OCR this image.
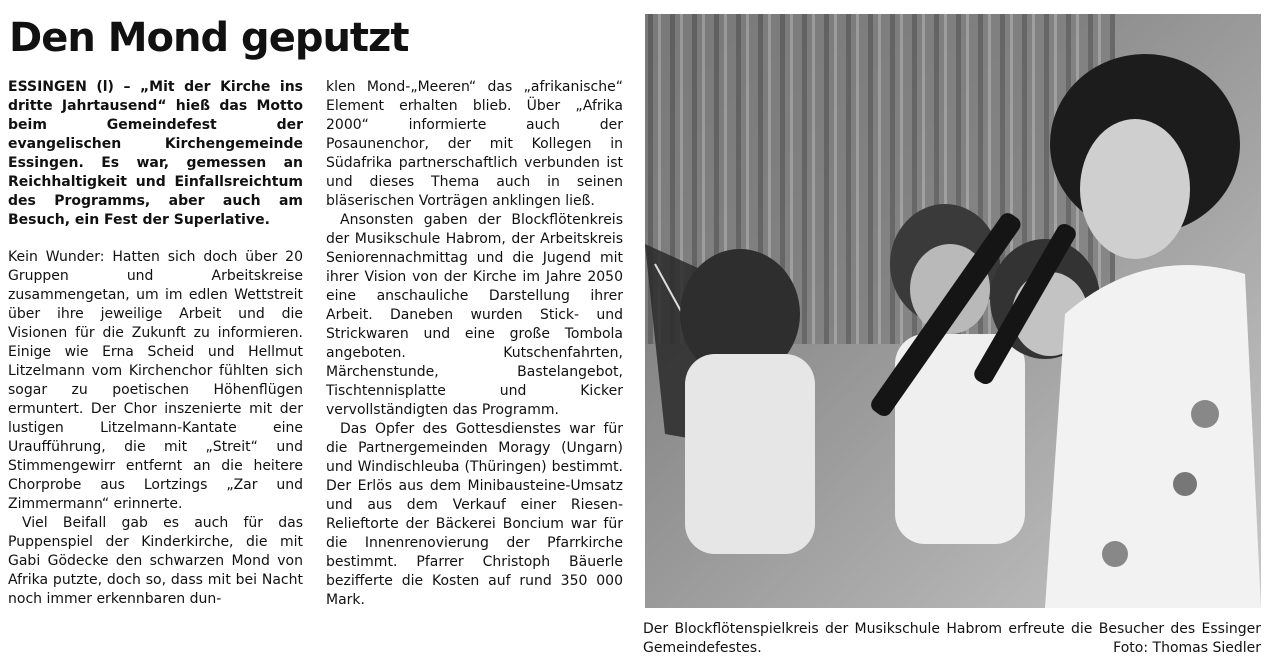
Den Mond geputzt

ESSINGEN (l) – „Mit der Kirche ins dritte Jahrtausend“ hieß das Motto beim Gemeindefest der evangelischen Kirchengemeinde Essingen. Es war, gemessen an Reichhaltigkeit und Einfallsreichtum des Programms, aber auch am Besuch, ein Fest der Superlative.

Kein Wunder: Hatten sich doch über 20 Gruppen und Arbeitskreise zusammengetan, um im edlen Wettstreit über ihre jeweilige Arbeit und die Visionen für die Zukunft zu informieren. Einige wie Erna Scheid und Hellmut Litzelmann vom Kirchenchor fühlten sich sogar zu poetischen Höhenflügen ermuntert. Der Chor inszenierte mit der lustigen Litzelmann-Kantate eine Uraufführung, die mit „Streit“ und Stimmengewirr entfernt an die heitere Chorprobe aus Lortzings „Zar und Zimmermann“ erinnerte.

Viel Beifall gab es auch für das Puppenspiel der Kinderkirche, die mit Gabi Gödecke den schwarzen Mond von Afrika putzte, doch so, dass mit bei Nacht noch immer erkennbaren dun-

klen Mond-„Meeren“ das „afrikanische“ Element erhalten blieb. Über „Afrika 2000“ informierte auch der Posaunenchor, der mit Kollegen in Südafrika partnerschaftlich verbunden ist und dieses Thema auch in seinen bläserischen Vorträgen anklingen ließ.

Ansonsten gaben der Blockflötenkreis der Musikschule Habrom, der Arbeitskreis Seniorennachmittag und die Jugend mit ihrer Vision von der Kirche im Jahre 2050 eine anschauliche Darstellung ihrer Arbeit. Daneben wurden Stick- und Strickwaren und eine große Tombola angeboten. Kutschenfahrten, Märchenstunde, Bastelangebot, Tischtennisplatte und Kicker vervollständigten das Programm.

Das Opfer des Gottesdienstes war für die Partnergemeinden Moragy (Ungarn) und Windischleuba (Thüringen) bestimmt. Der Erlös aus dem Minibausteine-Umsatz und aus dem Verkauf einer Riesen-Relieftorte der Bäckerei Boncium war für die Innenrenovierung der Pfarrkirche bestimmt. Pfarrer Christoph Bäuerle bezifferte die Kosten auf rund 350 000 Mark.

Der Blockflötenspielkreis der Musikschule Habrom erfreute die Besucher des Essinger Gemeindefestes.	Foto: Thomas Siedler
